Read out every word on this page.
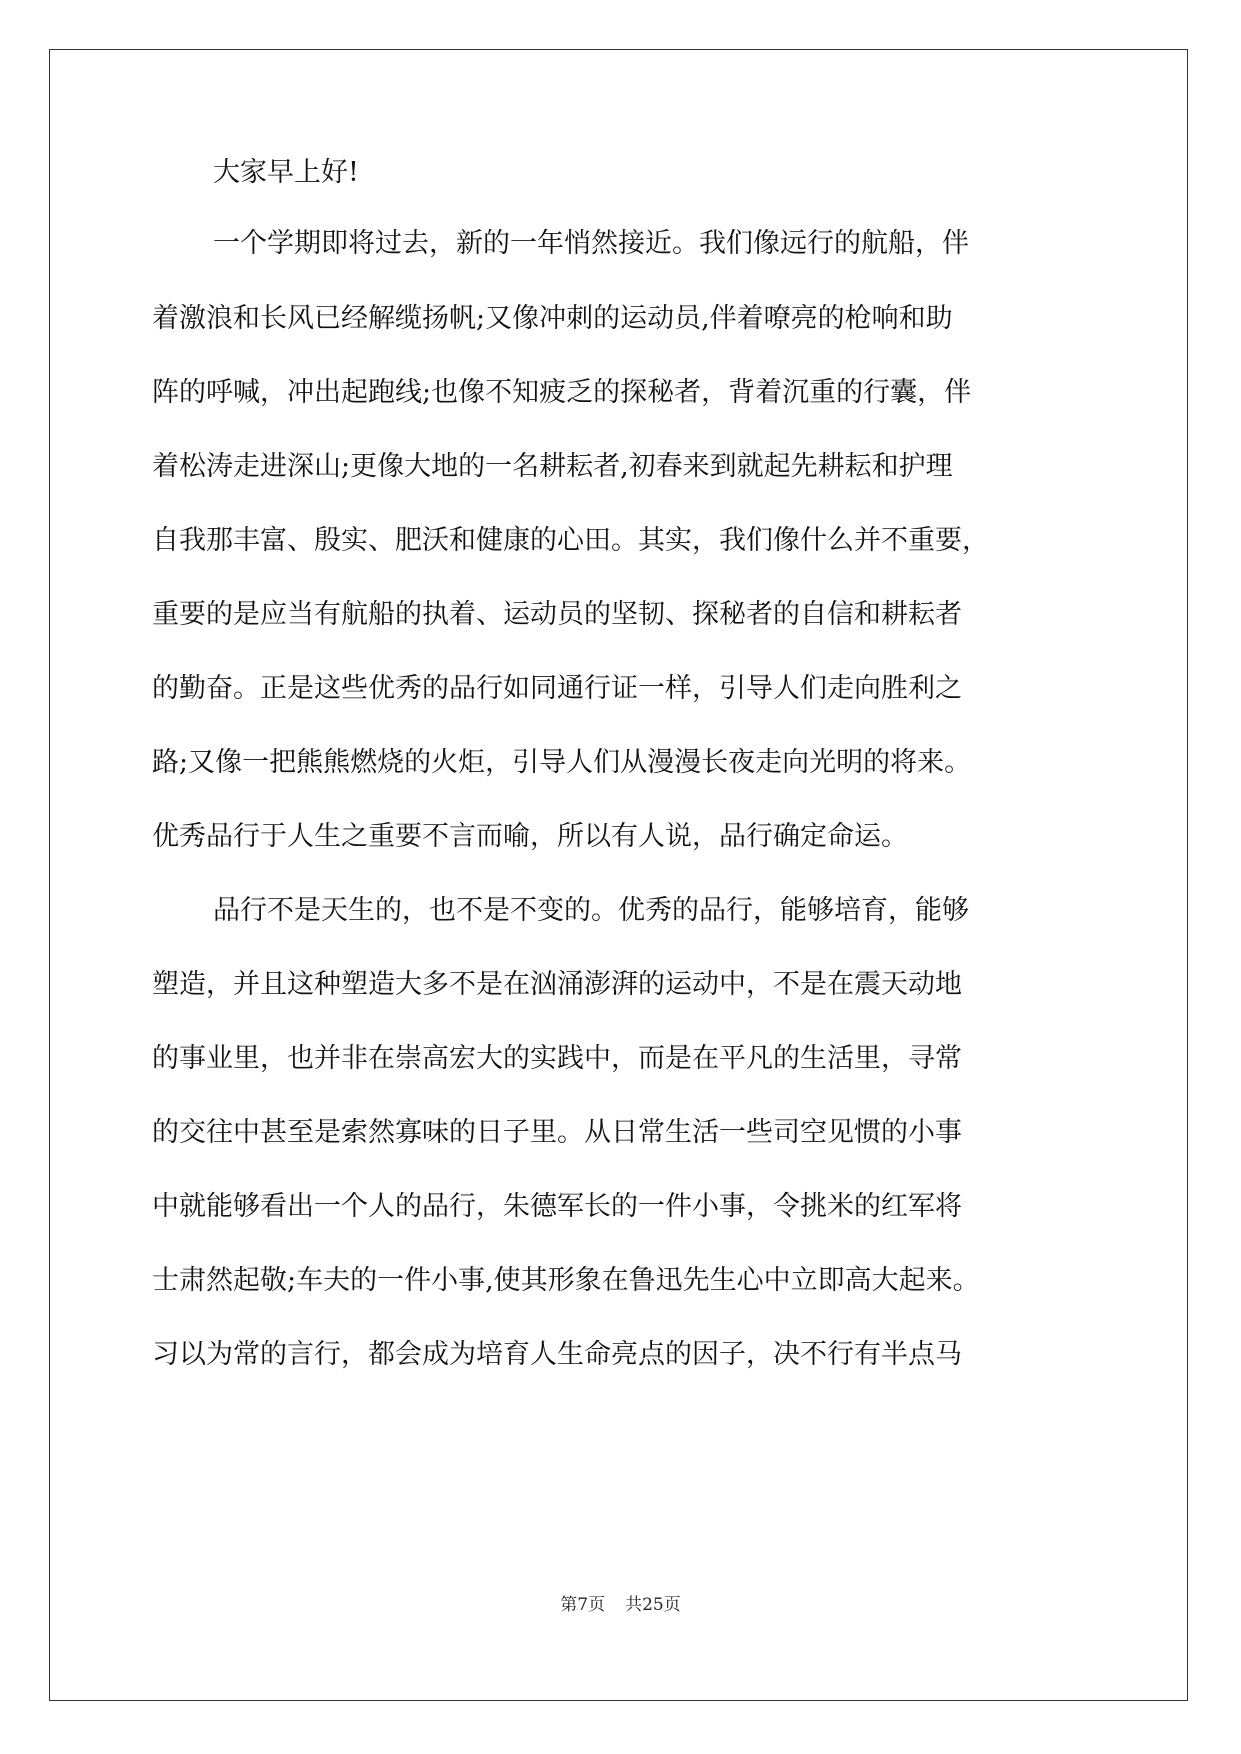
大家早上好!
一个学期即将过去，新的一年悄然接近。我们像远行的航船，伴
着激浪和长风已经解缆扬帆;又像冲刺的运动员,伴着嘹亮的枪响和助
阵的呼喊，冲出起跑线;也像不知疲乏的探秘者，背着沉重的行囊，伴
着松涛走进深山;更像大地的一名耕耘者,初春来到就起先耕耘和护理
自我那丰富、殷实、肥沃和健康的心田。其实，我们像什么并不重要，
重要的是应当有航船的执着、运动员的坚韧、探秘者的自信和耕耘者
的勤奋。正是这些优秀的品行如同通行证一样，引导人们走向胜利之
路;又像一把熊熊燃烧的火炬，引导人们从漫漫长夜走向光明的将来。
优秀品行于人生之重要不言而喻，所以有人说，品行确定命运。
品行不是天生的，也不是不变的。优秀的品行，能够培育，能够
塑造，并且这种塑造大多不是在汹涌澎湃的运动中，不是在震天动地
的事业里，也并非在崇高宏大的实践中，而是在平凡的生活里，寻常
的交往中甚至是索然寡味的日子里。从日常生活一些司空见惯的小事
中就能够看出一个人的品行，朱德军长的一件小事，令挑米的红军将
士肃然起敬;车夫的一件小事,使其形象在鲁迅先生心中立即高大起来。
习以为常的言行，都会成为培育人生命亮点的因子，决不行有半点马
第7页 共25页
